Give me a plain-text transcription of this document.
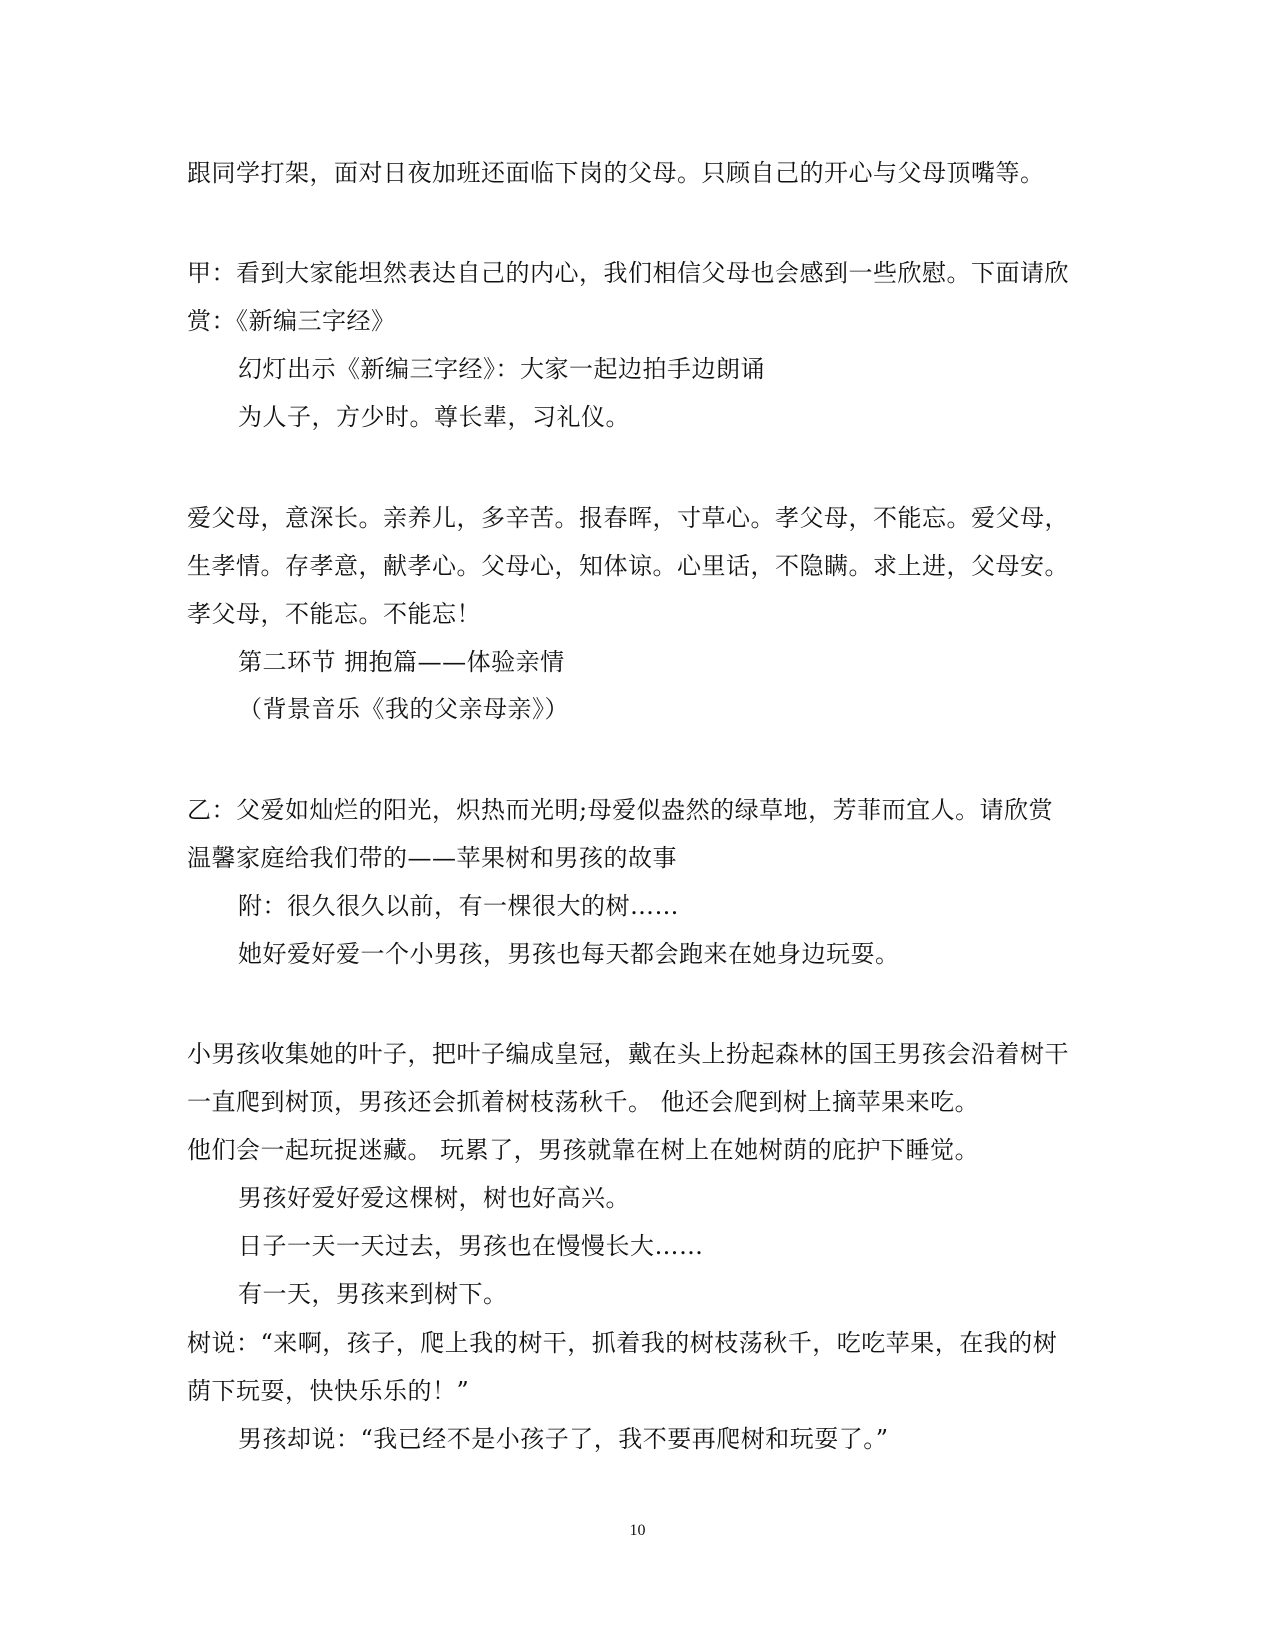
跟同学打架，面对日夜加班还面临下岗的父母。只顾自己的开心与父母顶嘴等。
甲：看到大家能坦然表达自己的内心，我们相信父母也会感到一些欣慰。下面请欣
赏：《新编三字经》
幻灯出示《新编三字经》：大家一起边拍手边朗诵
为人子，方少时。尊长辈，习礼仪。
爱父母，意深长。亲养儿，多辛苦。报春晖，寸草心。孝父母，不能忘。爱父母，
生孝情。存孝意，献孝心。父母心，知体谅。心里话，不隐瞒。求上进，父母安。
孝父母，不能忘。不能忘！
第二环节 拥抱篇——体验亲情
（背景音乐《我的父亲母亲》）
乙：父爱如灿烂的阳光，炽热而光明;母爱似盎然的绿草地，芳菲而宜人。请欣赏
温馨家庭给我们带的——苹果树和男孩的故事
附：很久很久以前，有一棵很大的树……
她好爱好爱一个小男孩，男孩也每天都会跑来在她身边玩耍。
小男孩收集她的叶子，把叶子编成皇冠，戴在头上扮起森林的国王男孩会沿着树干
一直爬到树顶，男孩还会抓着树枝荡秋千。 他还会爬到树上摘苹果来吃。
他们会一起玩捉迷藏。 玩累了，男孩就靠在树上在她树荫的庇护下睡觉。
男孩好爱好爱这棵树，树也好高兴。
日子一天一天过去，男孩也在慢慢长大……
有一天，男孩来到树下。
树说：“来啊，孩子，爬上我的树干，抓着我的树枝荡秋千，吃吃苹果，在我的树
荫下玩耍，快快乐乐的！”
男孩却说：“我已经不是小孩子了，我不要再爬树和玩耍了。”
10
